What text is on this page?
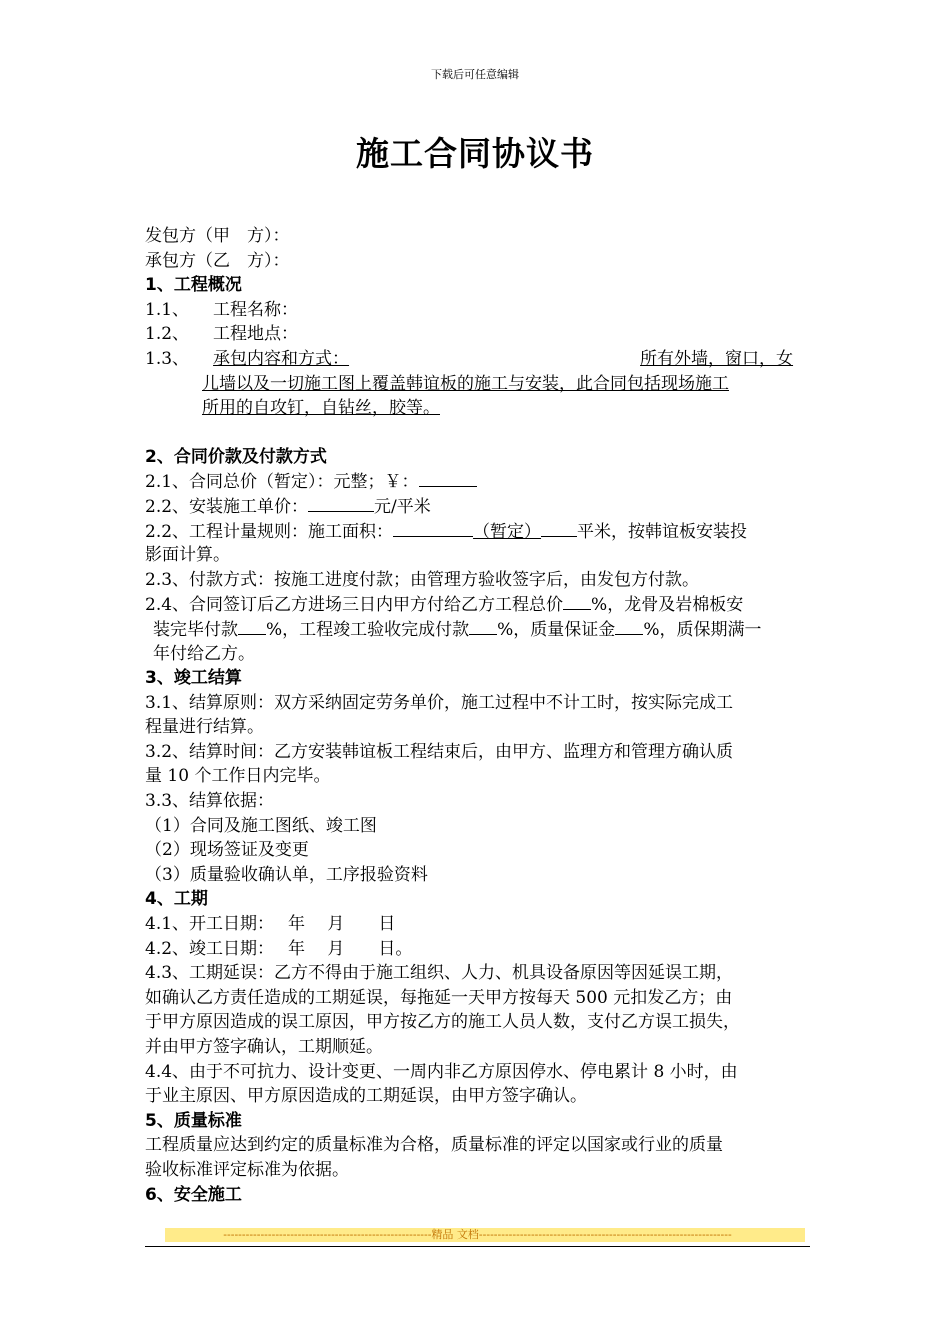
下载后可任意编辑
施工合同协议书
发包方（甲　方）：
承包方（乙　方）：
1、工程概况
1.1、 工程名称：
1.2、 工程地点：
1.3、 承包内容和方式：	所有外墙，窗口，女
儿墙以及一切施工图上覆盖韩谊板的施工与安装，此合同包括现场施工
所用的自攻钉，自钻丝，胶等。
2、合同价款及付款方式
2.1、合同总价（暂定）：元整；￥：
2.2、安装施工单价：	元/平米
2.2、工程计量规则：施工面积：	（暂定） 平米，按韩谊板安装投
影面计算。
2.3、付款方式：按施工进度付款；由管理方验收签字后，由发包方付款。
2.4、合同签订后乙方进场三日内甲方付给乙方工程总价 %，龙骨及岩棉板安
装完毕付款 %，工程竣工验收完成付款 %，质量保证金 %，质保期满一
年付给乙方。
3、竣工结算
3.1、结算原则：双方采纳固定劳务单价，施工过程中不计工时，按实际完成工
程量进行结算。
3.2、结算时间：乙方安装韩谊板工程结束后，由甲方、监理方和管理方确认质
量 10 个工作日内完毕。
3.3、结算依据：
（1）合同及施工图纸、竣工图
（2）现场签证及变更
（3）质量验收确认单，工序报验资料
4、工期
4.1、开工日期：　 年　 月　　日
4.2、竣工日期：　 年　 月　　日。
4.3、工期延误：乙方不得由于施工组织、人力、机具设备原因等因延误工期，
如确认乙方责任造成的工期延误，每拖延一天甲方按每天 500 元扣发乙方；由
于甲方原因造成的误工原因，甲方按乙方的施工人员人数，支付乙方误工损失，
并由甲方签字确认，工期顺延。
4.4、由于不可抗力、设计变更、一周内非乙方原因停水、停电累计 8 小时，由
于业主原因、甲方原因造成的工期延误，由甲方签字确认。
5、质量标准
工程质量应达到约定的质量标准为合格，质量标准的评定以国家或行业的质量
验收标准评定标准为依据。
6、安全施工
--------------------------------------------------------精品 文档--------------------------------------------------------------------
